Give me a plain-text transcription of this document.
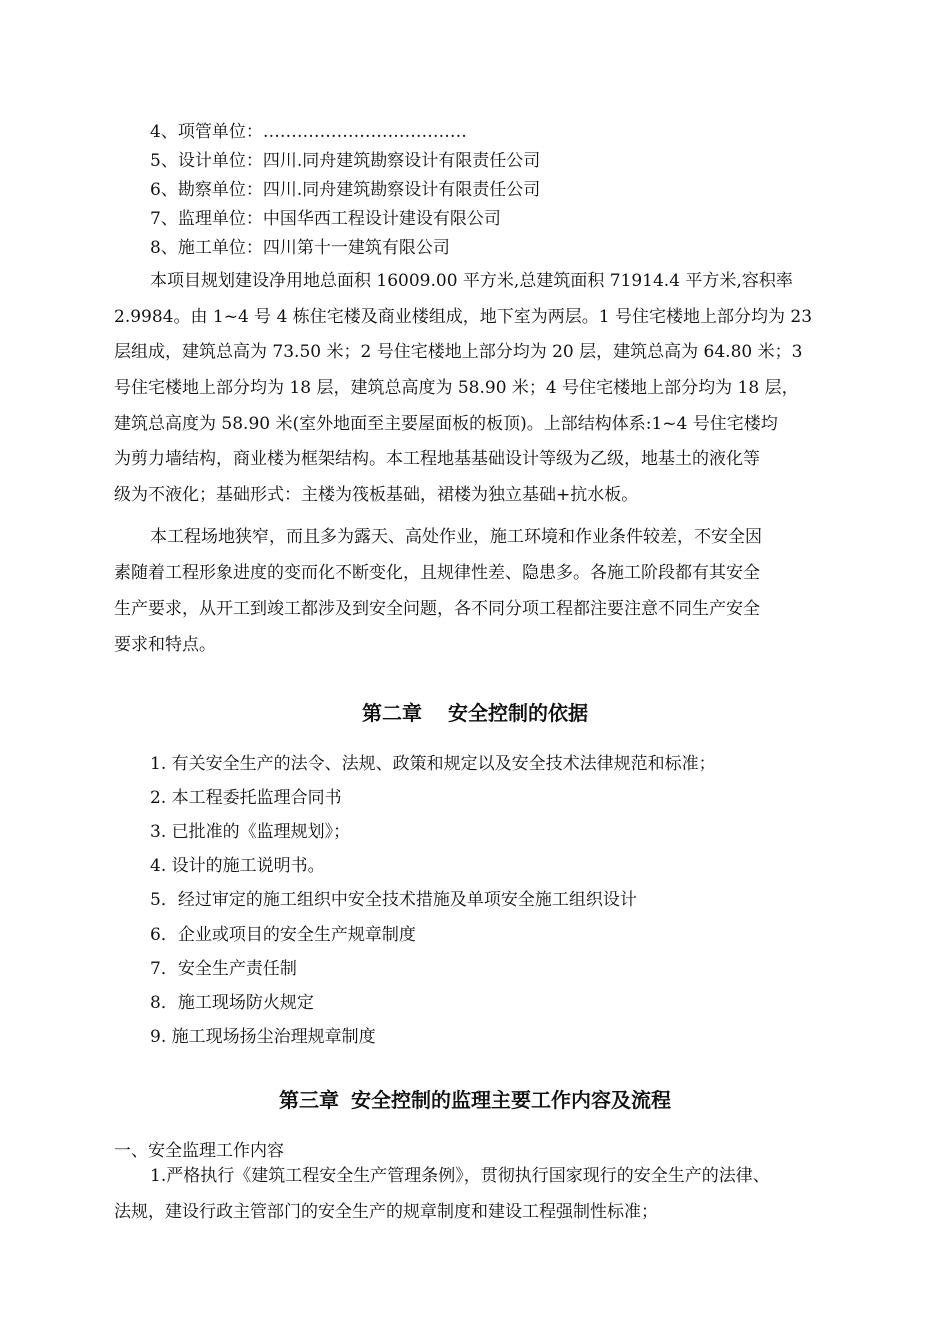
4、项管单位：………………………………
5、设计单位：四川.同舟建筑勘察设计有限责任公司
6、勘察单位：四川.同舟建筑勘察设计有限责任公司
7、监理单位：中国华西工程设计建设有限公司
8、施工单位：四川第十一建筑有限公司
本项目规划建设净用地总面积 16009.00 平方米,总建筑面积 71914.4 平方米,容积率
2.9984。由 1~4 号 4 栋住宅楼及商业楼组成，地下室为两层。1 号住宅楼地上部分均为 23
层组成，建筑总高为 73.50 米；2 号住宅楼地上部分均为 20 层，建筑总高为 64.80 米；3
号住宅楼地上部分均为 18 层，建筑总高度为 58.90 米；4 号住宅楼地上部分均为 18 层，
建筑总高度为 58.90 米(室外地面至主要屋面板的板顶)。上部结构体系:1~4 号住宅楼均
为剪力墙结构，商业楼为框架结构。本工程地基基础设计等级为乙级，地基土的液化等
级为不液化；基础形式：主楼为筏板基础，裙楼为独立基础+抗水板。
本工程场地狭窄，而且多为露天、高处作业，施工环境和作业条件较差，不安全因
素随着工程形象进度的变而化不断变化，且规律性差、隐患多。各施工阶段都有其安全
生产要求，从开工到竣工都涉及到安全问题，各不同分项工程都注要注意不同生产安全
要求和特点。
第二章 安全控制的依据
1. 有关安全生产的法令、法规、政策和规定以及安全技术法律规范和标准；
2. 本工程委托监理合同书
3. 已批准的《监理规划》；
4. 设计的施工说明书。
5．经过审定的施工组织中安全技术措施及单项安全施工组织设计
6．企业或项目的安全生产规章制度
7．安全生产责任制
8．施工现场防火规定
9. 施工现场扬尘治理规章制度
第三章 安全控制的监理主要工作内容及流程
一、安全监理工作内容
1.严格执行《建筑工程安全生产管理条例》，贯彻执行国家现行的安全生产的法律、
法规，建设行政主管部门的安全生产的规章制度和建设工程强制性标准；
